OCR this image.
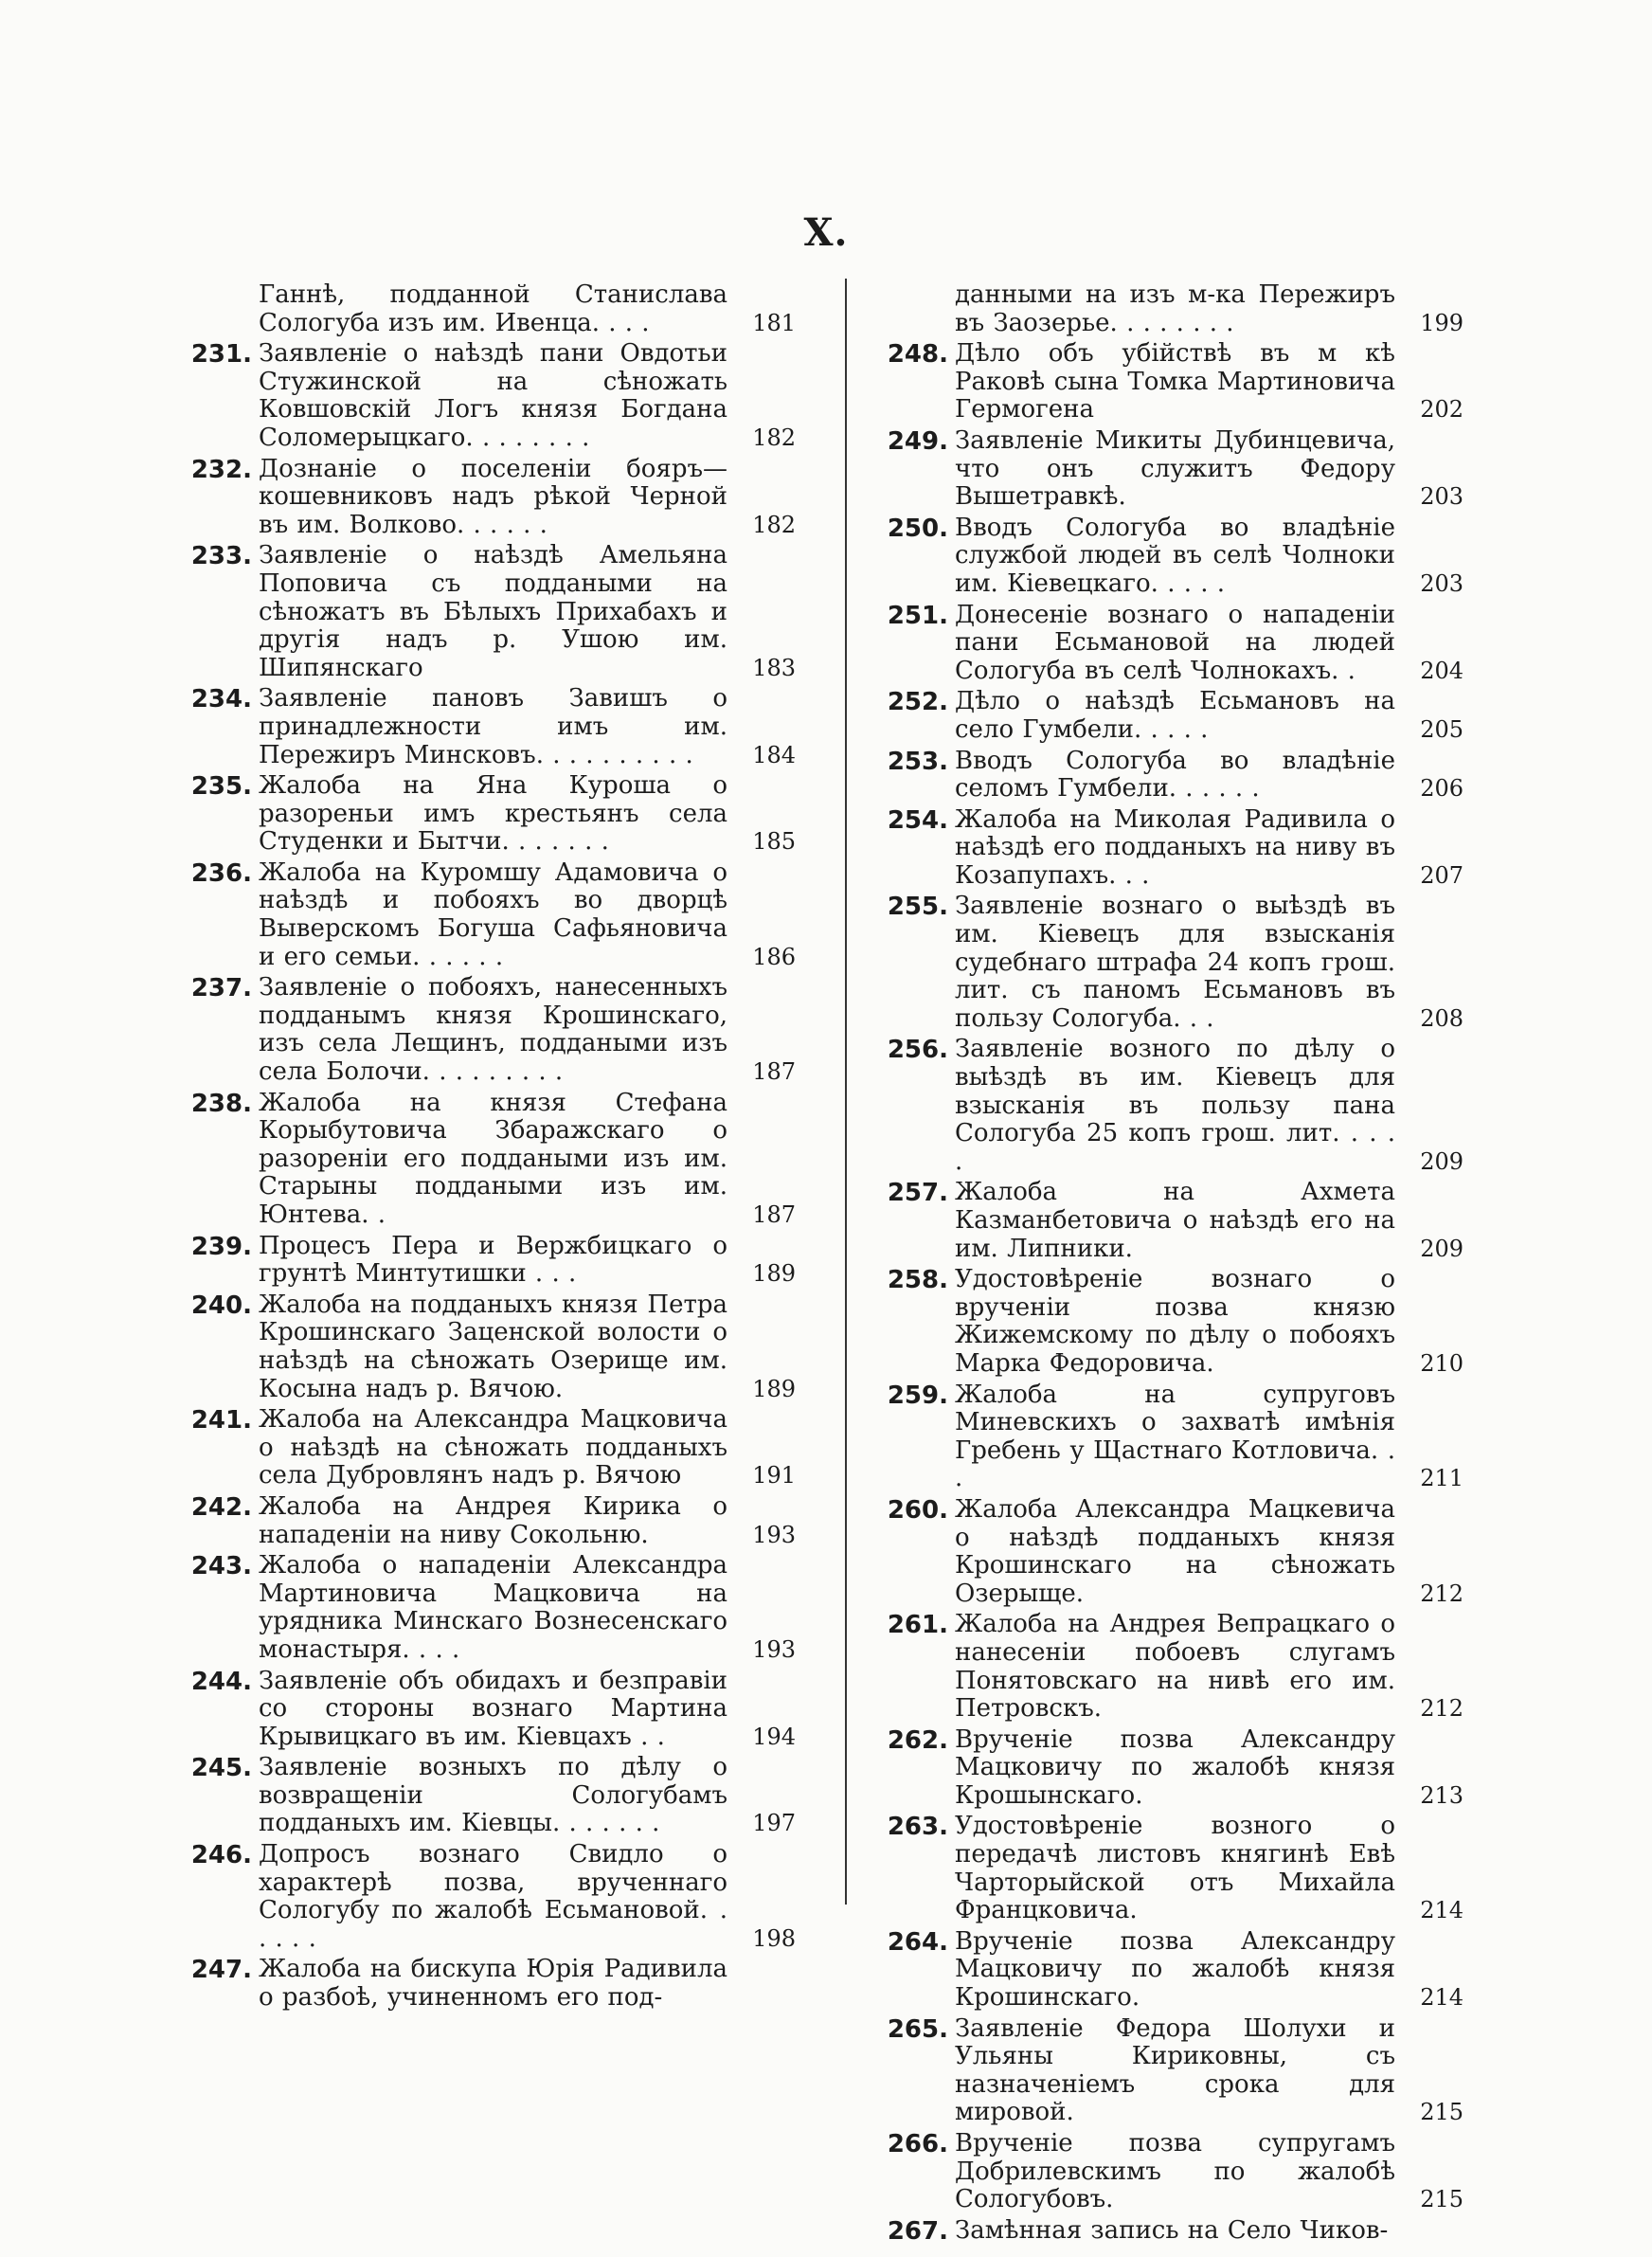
X.
Ганнѣ, подданной Станислава Сологуба изъ им. Ивенца. . . .	181
231. Заявленіе о наѣздѣ пани Овдотьи Стужинской на сѣножать Ковшовскій Логъ князя Богдана Соломерыцкаго. . . . . . . .	182
232. Дознаніе о поселеніи бояръ—кошевниковъ надъ рѣкой Черной въ им. Волково. . . . . .	182
233. Заявленіе о наѣздѣ Амельяна Поповича съ поддаными на сѣножатъ въ Бѣлыхъ Прихабахъ и другія надъ р. Ушою им. Шипянскаго	183
234. Заявленіе пановъ Завишъ о принадлежности имъ им. Пережиръ Минсковъ. . . . . . . . . .	184
235. Жалоба на Яна Куроша о разореньи имъ крестьянъ села Студенки и Бытчи. . . . . . .	185
236. Жалоба на Куромшу Адамовича о наѣздѣ и побояхъ во дворцѣ Выверскомъ Богуша Сафьяновича и его семьи. . . . . .	186
237. Заявленіе о побояхъ, нанесенныхъ подданымъ князя Крошинскаго, изъ села Лещинъ, поддаными изъ села Болочи. . . . . . . . .	187
238. Жалоба на князя Стефана Корыбутовича Збаражскаго о разореніи его поддаными изъ им. Старыны поддаными изъ им. Юнтева. .	187
239. Процесъ Пера и Вержбицкаго о грунтѣ Минтутишки . . .	189
240. Жалоба на подданыхъ князя Петра Крошинскаго Заценской волости о наѣздѣ на сѣножать Озерище им. Косына надъ р. Вячою.	189
241. Жалоба на Александра Мацковича о наѣздѣ на сѣножать подданыхъ села Дубровлянъ надъ р. Вячою	191
242. Жалоба на Андрея Кирика о нападеніи на ниву Сокольню.	193
243. Жалоба о нападеніи Александра Мартиновича Мацковича на урядника Минскаго Вознесенскаго монастыря. . . .	193
244. Заявленіе объ обидахъ и безправіи со стороны вознаго Мартина Крывицкаго въ им. Кіевцахъ . .	194
245. Заявленіе возныхъ по дѣлу о возвращеніи Сологубамъ подданыхъ им. Кіевцы. . . . . . .	197
246. Допросъ вознаго Свидло о характерѣ позва, врученнаго Сологубу по жалобѣ Есьмановой. . . . . .	198
247. Жалоба на бискупа Юрія Радивила о разбоѣ, учиненномъ его под-
данными на изъ м-ка Пережиръ въ Заозерье. . . . . . . .	199
248. Дѣло объ убійствѣ въ м кѣ Раковѣ сына Томка Мартиновича Гермогена	202
249. Заявленіе Микиты Дубинцевича, что онъ служитъ Федору Вышетравкѣ.	203
250. Вводъ Сологуба во владѣніе службой людей въ селѣ Чолноки им. Кіевецкаго. . . . .	203
251. Донесеніе вознаго о нападеніи пани Есьмановой на людей Сологуба въ селѣ Чолнокахъ. .	204
252. Дѣло о наѣздѣ Есьмановъ на село Гумбели. . . . .	205
253. Вводъ Сологуба во владѣніе селомъ Гумбели. . . . . .	206
254. Жалоба на Миколая Радивила о наѣздѣ его подданыхъ на ниву въ Козапупахъ. . .	207
255. Заявленіе вознаго о выѣздѣ въ им. Кіевецъ для взысканія судебнаго штрафа 24 копъ грош. лит. съ паномъ Есьмановъ въ пользу Сологуба. . .	208
256. Заявленіе возного по дѣлу о выѣздѣ въ им. Кіевецъ для взысканія въ пользу пана Сологуба 25 копъ грош. лит. . . . .	209
257. Жалоба на Ахмета Казманбетовича о наѣздѣ его на им. Липники.	209
258. Удостовѣреніе вознаго о врученіи позва князю Жижемскому по дѣлу о побояхъ Марка Федоровича.	210
259. Жалоба на супруговъ Миневскихъ о захватѣ имѣнія Гребень у Щастнаго Котловича. . .	211
260. Жалоба Александра Мацкевича о наѣздѣ подданыхъ князя Крошинскаго на сѣножать Озерыще.	212
261. Жалоба на Андрея Вепрацкаго о нанесеніи побоевъ слугамъ Понятовскаго на нивѣ его им. Петровскъ.	212
262. Врученіе позва Александру Мацковичу по жалобѣ князя Крошынскаго.	213
263. Удостовѣреніе возного о передачѣ листовъ княгинѣ Евѣ Чарторыйской отъ Михайла Францковича.	214
264. Врученіе позва Александру Мацковичу по жалобѣ князя Крошинскаго.	214
265. Заявленіе Федора Шолухи и Ульяны Кириковны, съ назначеніемъ срока для мировой.	215
266. Врученіе позва супругамъ Добрилевскимъ по жалобѣ Сологубовъ.	215
267. Замѣнная запись на Село Чиков-
